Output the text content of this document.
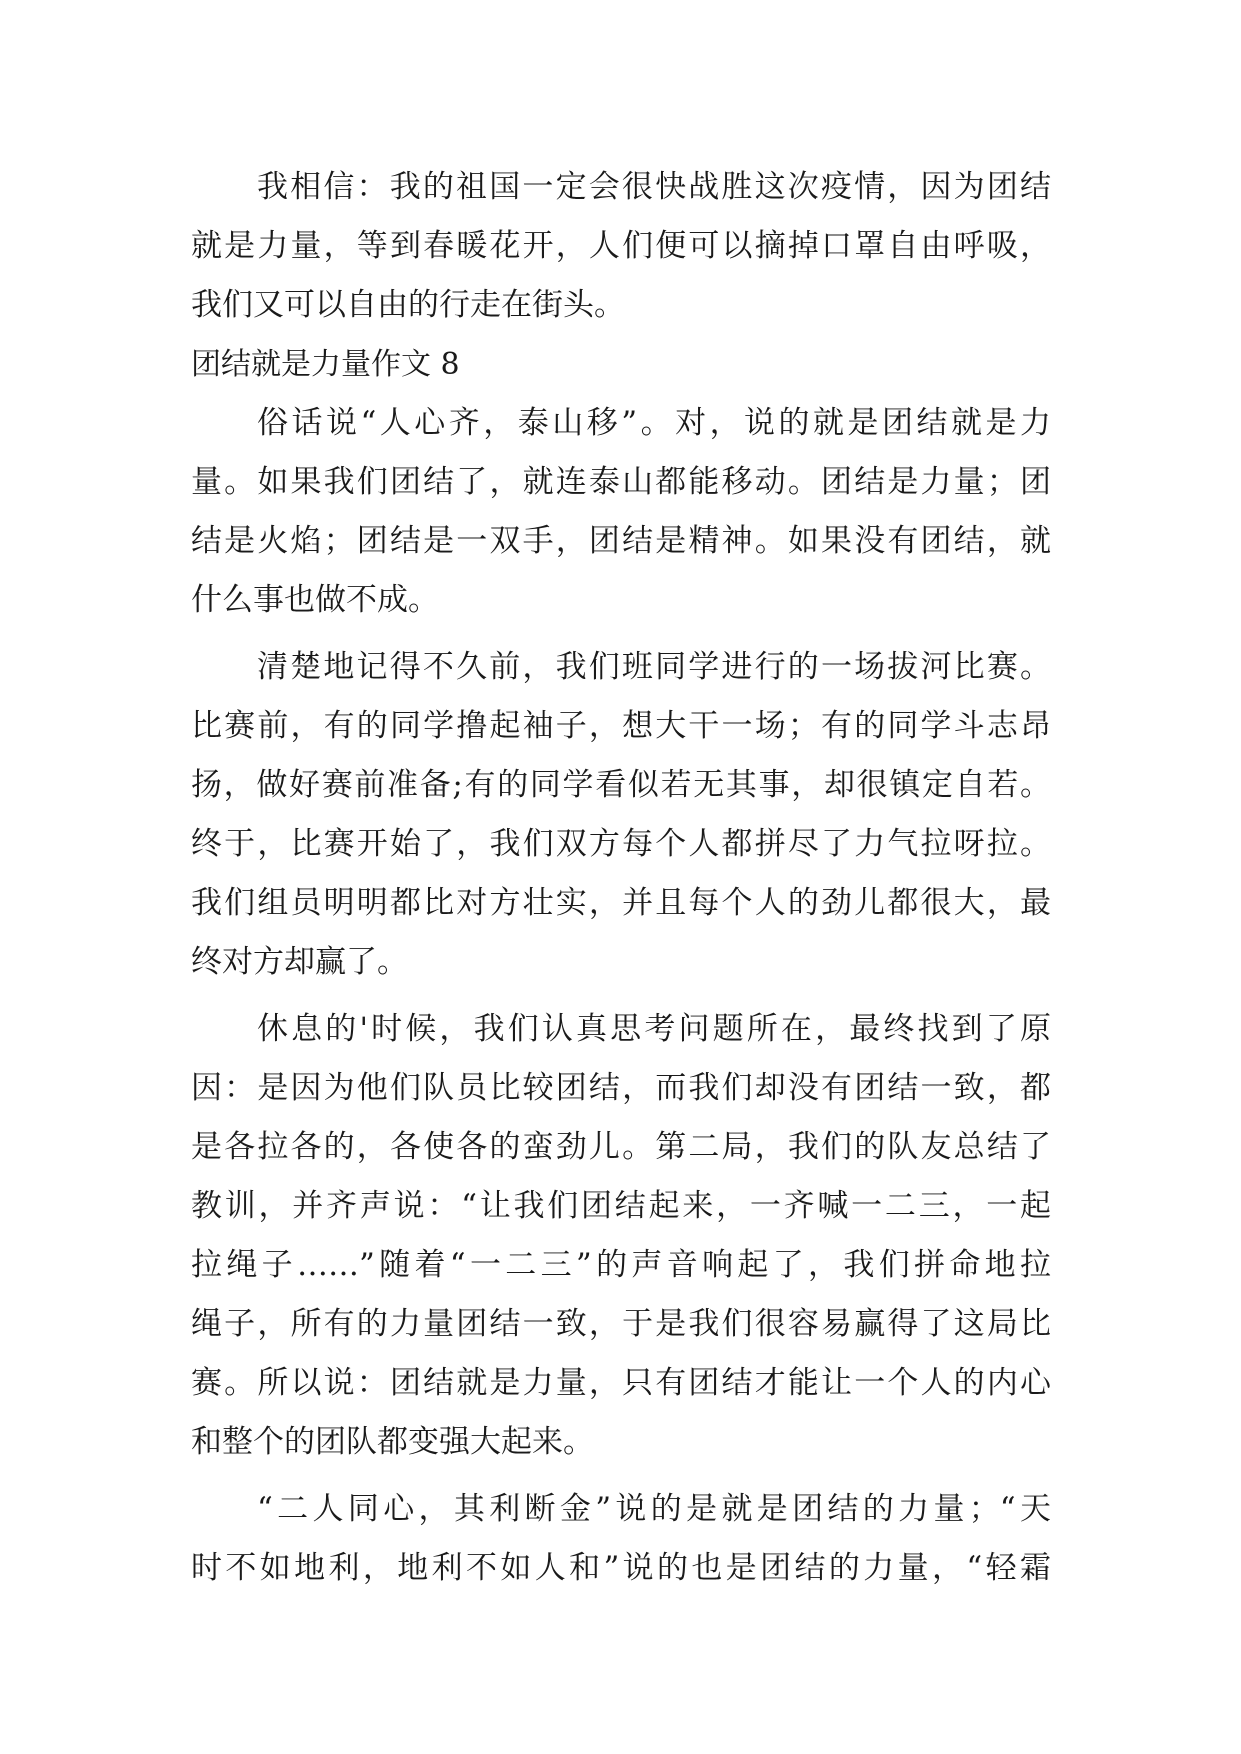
我相信：我的祖国一定会很快战胜这次疫情，因为团结
就是力量，等到春暖花开，人们便可以摘掉口罩自由呼吸，
我们又可以自由的行走在街头。
团结就是力量作文 8
俗话说“人心齐，泰山移”。对，说的就是团结就是力
量。如果我们团结了，就连泰山都能移动。团结是力量；团
结是火焰；团结是一双手，团结是精神。如果没有团结，就
什么事也做不成。
清楚地记得不久前，我们班同学进行的一场拔河比赛。
比赛前，有的同学撸起袖子，想大干一场；有的同学斗志昂
扬，做好赛前准备;有的同学看似若无其事，却很镇定自若。
终于，比赛开始了，我们双方每个人都拼尽了力气拉呀拉。
我们组员明明都比对方壮实，并且每个人的劲儿都很大，最
终对方却赢了。
休息的'时候，我们认真思考问题所在，最终找到了原
因：是因为他们队员比较团结，而我们却没有团结一致，都
是各拉各的，各使各的蛮劲儿。第二局，我们的队友总结了
教训，并齐声说：“让我们团结起来，一齐喊一二三，一起
拉绳子……”随着“一二三”的声音响起了，我们拼命地拉
绳子，所有的力量团结一致，于是我们很容易赢得了这局比
赛。所以说：团结就是力量，只有团结才能让一个人的内心
和整个的团队都变强大起来。
“二人同心，其利断金”说的是就是团结的力量；“天
时不如地利，地利不如人和”说的也是团结的力量，“轻霜
